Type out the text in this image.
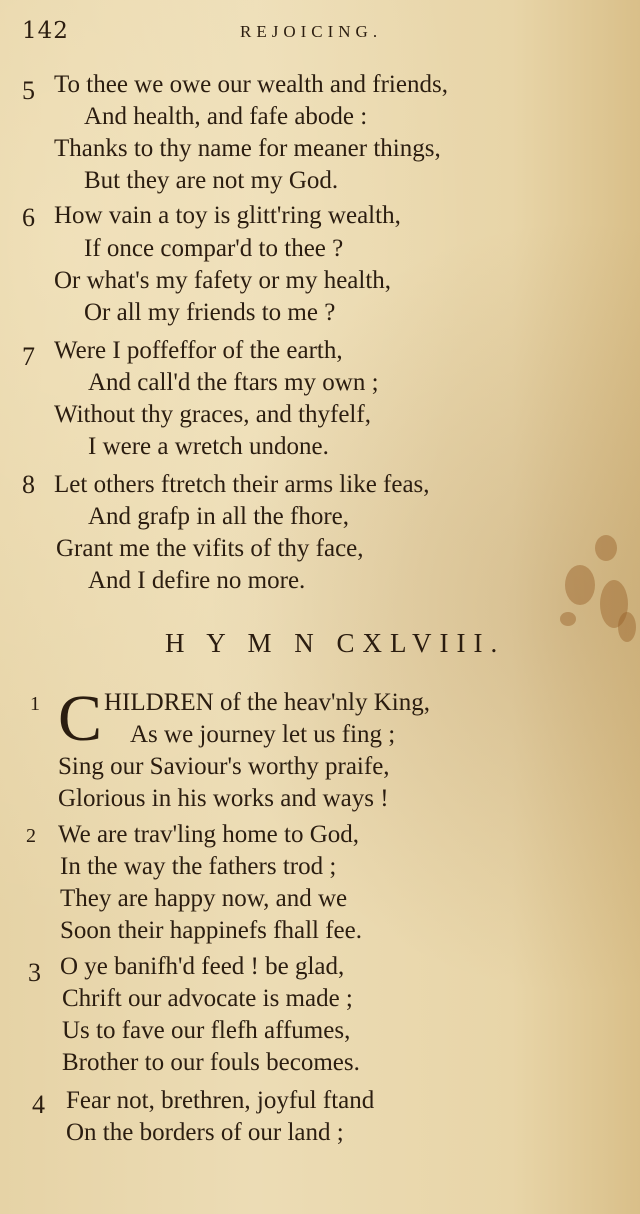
142	REJOICING.
5 To thee we owe our wealth and friends,
And health, and fafe abode :
Thanks to thy name for meaner things,
But they are not my God.
6 How vain a toy is glitt'ring wealth,
If once compar'd to thee ?
Or what's my fafety or my health,
Or all my friends to me ?
7 Were I poffeffor of the earth,
And call'd the ftars my own ;
Without thy graces, and thyfelf,
I were a wretch undone.
8 Let others ftretch their arms like feas,
And grafp in all the fhore,
Grant me the vifits of thy face,
And I defire no more.
H Y M N CXLVIII.
1 C HILDREN of the heav'nly King,
As we journey let us fing ;
Sing our Saviour's worthy praife,
Glorious in his works and ways !
2 We are trav'ling home to God,
In the way the fathers trod ;
They are happy now, and we
Soon their happinefs fhall fee.
3 O ye banifh'd feed ! be glad,
Chrift our advocate is made ;
Us to fave our flefh affumes,
Brother to our fouls becomes.
4 Fear not, brethren, joyful ftand
On the borders of our land ;
